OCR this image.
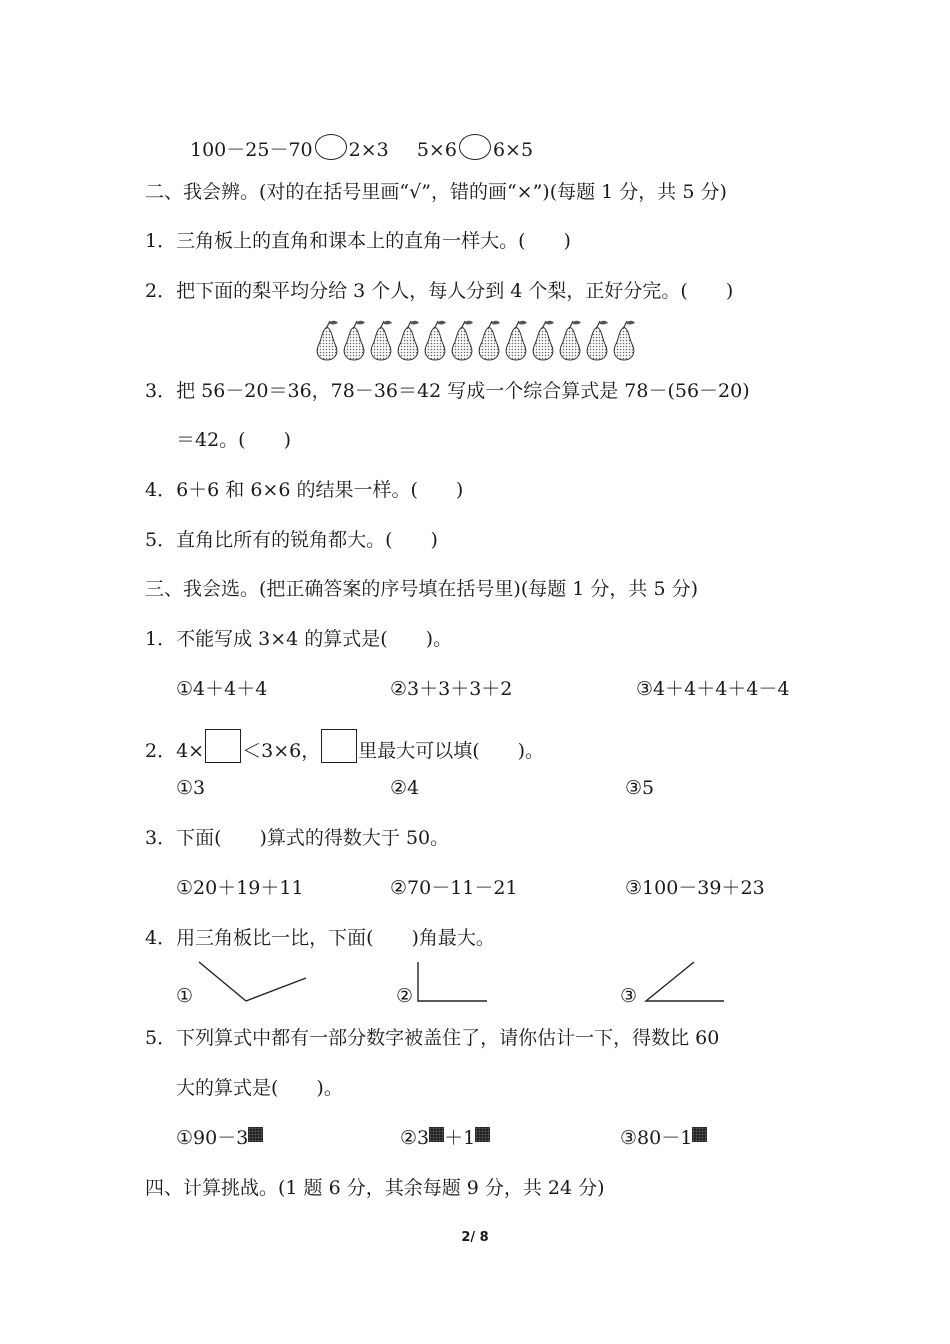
100－25－70 2×3 5×6 6×5
二、我会辨。(对的在括号里画“√”，错的画“×”)(每题 1 分，共 5 分)
1．三角板上的直角和课本上的直角一样大。(　　)
2．把下面的梨平均分给 3 个人，每人分到 4 个梨，正好分完。(　　)
3．把 56－20＝36，78－36＝42 写成一个综合算式是 78－(56－20)
＝42。(　　)
4．6＋6 和 6×6 的结果一样。(　　)
5．直角比所有的锐角都大。(　　)
三、我会选。(把正确答案的序号填在括号里)(每题 1 分，共 5 分)
1．不能写成 3×4 的算式是(　　)。
①4＋4＋4	②3＋3＋3＋2	③4＋4＋4＋4－4
2．4× ＜3×6， 里最大可以填(　　)。
①3	②4	③5
3．下面(　　)算式的得数大于 50。
①20＋19＋11	②70－11－21	③100－39＋23
4．用三角板比一比，下面(　　)角最大。
①	②	③
5．下列算式中都有一部分数字被盖住了，请你估计一下，得数比 60
大的算式是(　　)。
①90－3	②3 ＋1	③80－1
四、计算挑战。(1 题 6 分，其余每题 9 分，共 24 分)
2/ 8
